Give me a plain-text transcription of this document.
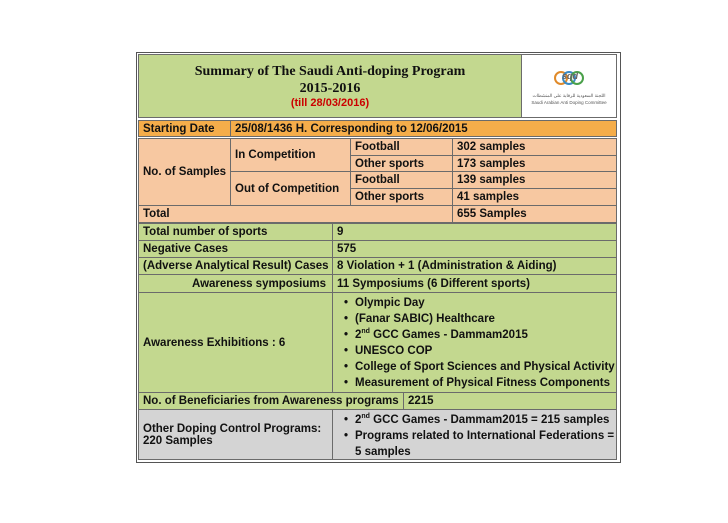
Summary of The Saudi Anti-doping Program
2015-2016
(till 28/03/2016)
sqd
اللجنة السعودية للرقابة على المنشطات
Saudi Arabian Anti Doping Committee
Starting Date	25/08/1436 H. Corresponding to 12/06/2015
No. of Samples
In Competition
Football	302 samples
Other sports	173 samples
Out of Competition
Football	139 samples
Other sports	41 samples
Total	655 Samples
Total number of sports	9
Negative Cases	575
(Adverse Analytical Result) Cases 8 Violation + 1 (Administration & Aiding)
Awareness symposiums 11 Symposiums (6 Different sports)
Awareness Exhibitions : 6
• Olympic Day
• (Fanar SABIC) Healthcare
• 2nd GCC Games - Dammam2015
• UNESCO COP
• College of Sport Sciences and Physical Activity
• Measurement of Physical Fitness Components
No. of Beneficiaries from Awareness programs 2215
Other Doping Control Programs:
220 Samples
• 2nd GCC Games - Dammam2015 = 215 samples
• Programs related to International Federations = 5 samples
